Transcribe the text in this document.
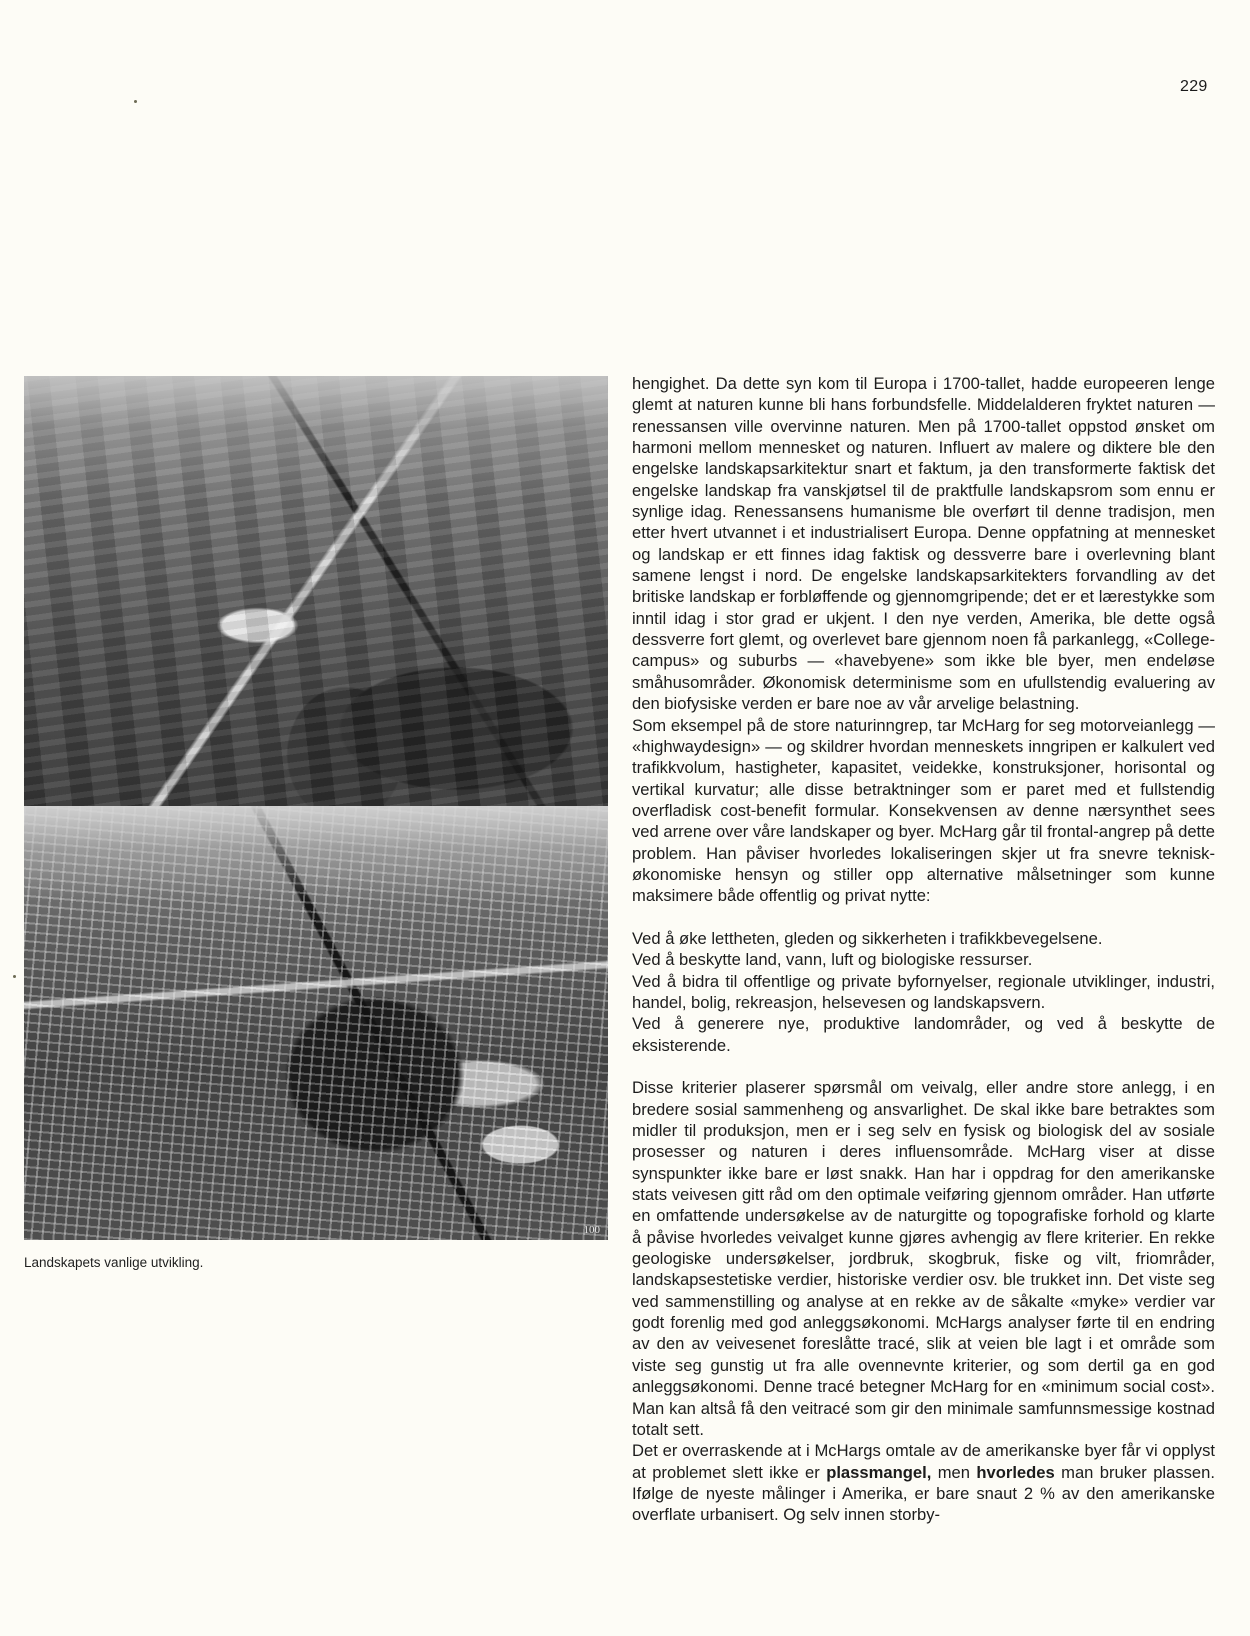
229
100
Landskapets vanlige utvikling.

hengighet. Da dette syn kom til Europa i 1700-tallet, hadde europeeren lenge glemt at naturen kunne bli hans forbundsfelle. Middelalderen fryktet naturen — renessansen ville overvinne naturen. Men på 1700-tallet oppstod ønsket om harmoni mellom mennesket og naturen. Influert av malere og diktere ble den engelske landskapsarkitektur snart et faktum, ja den transformerte faktisk det engelske landskap fra vanskjøtsel til de praktfulle landskapsrom som ennu er synlige idag. Renessansens humanisme ble overført til denne tradisjon, men etter hvert utvannet i et industrialisert Europa. Denne oppfatning at mennesket og landskap er ett finnes idag faktisk og dessverre bare i overlevning blant samene lengst i nord. De engelske landskapsarkitekters forvandling av det britiske landskap er forbløffende og gjennomgripende; det er et lærestykke som inntil idag i stor grad er ukjent. I den nye verden, Amerika, ble dette også dessverre fort glemt, og overlevet bare gjennom noen få parkanlegg, «College-campus» og suburbs — «havebyene» som ikke ble byer, men endeløse småhusområder. Økonomisk determinisme som en ufullstendig evaluering av den biofysiske verden er bare noe av vår arvelige belastning.

Som eksempel på de store naturinngrep, tar McHarg for seg motorveianlegg — «highwaydesign» — og skildrer hvordan menneskets inngripen er kalkulert ved trafikkvolum, hastigheter, kapasitet, veidekke, konstruksjoner, horisontal og vertikal kurvatur; alle disse betraktninger som er paret med et fullstendig overfladisk cost-benefit formular. Konsekvensen av denne nærsynthet sees ved arrene over våre landskaper og byer. McHarg går til frontal-angrep på dette problem. Han påviser hvorledes lokaliseringen skjer ut fra snevre teknisk-økonomiske hensyn og stiller opp alternative målsetninger som kunne maksimere både offentlig og privat nytte:

Ved å øke lettheten, gleden og sikkerheten i trafikkbevegelsene.
Ved å beskytte land, vann, luft og biologiske ressurser.
Ved å bidra til offentlige og private byfornyelser, regionale utviklinger, industri, handel, bolig, rekreasjon, helsevesen og landskapsvern.
Ved å generere nye, produktive landområder, og ved å beskytte de eksisterende.

Disse kriterier plaserer spørsmål om veivalg, eller andre store anlegg, i en bredere sosial sammenheng og ansvarlighet. De skal ikke bare betraktes som midler til produksjon, men er i seg selv en fysisk og biologisk del av sosiale prosesser og naturen i deres influensområde. McHarg viser at disse synspunkter ikke bare er løst snakk. Han har i oppdrag for den amerikanske stats veivesen gitt råd om den optimale veiføring gjennom områder. Han utførte en omfattende undersøkelse av de naturgitte og topografiske forhold og klarte å påvise hvorledes veivalget kunne gjøres avhengig av flere kriterier. En rekke geologiske undersøkelser, jordbruk, skogbruk, fiske og vilt, friområder, landskapsestetiske verdier, historiske verdier osv. ble trukket inn. Det viste seg ved sammenstilling og analyse at en rekke av de såkalte «myke» verdier var godt forenlig med god anleggsøkonomi. McHargs analyser førte til en endring av den av veivesenet foreslåtte tracé, slik at veien ble lagt i et område som viste seg gunstig ut fra alle ovennevnte kriterier, og som dertil ga en god anleggsøkonomi. Denne tracé betegner McHarg for en «minimum social cost». Man kan altså få den veitracé som gir den minimale samfunnsmessige kostnad totalt sett.

Det er overraskende at i McHargs omtale av de amerikanske byer får vi opplyst at problemet slett ikke er plassmangel, men hvorledes man bruker plassen. Ifølge de nyeste målinger i Amerika, er bare snaut 2 % av den amerikanske overflate urbanisert. Og selv innen storby-
